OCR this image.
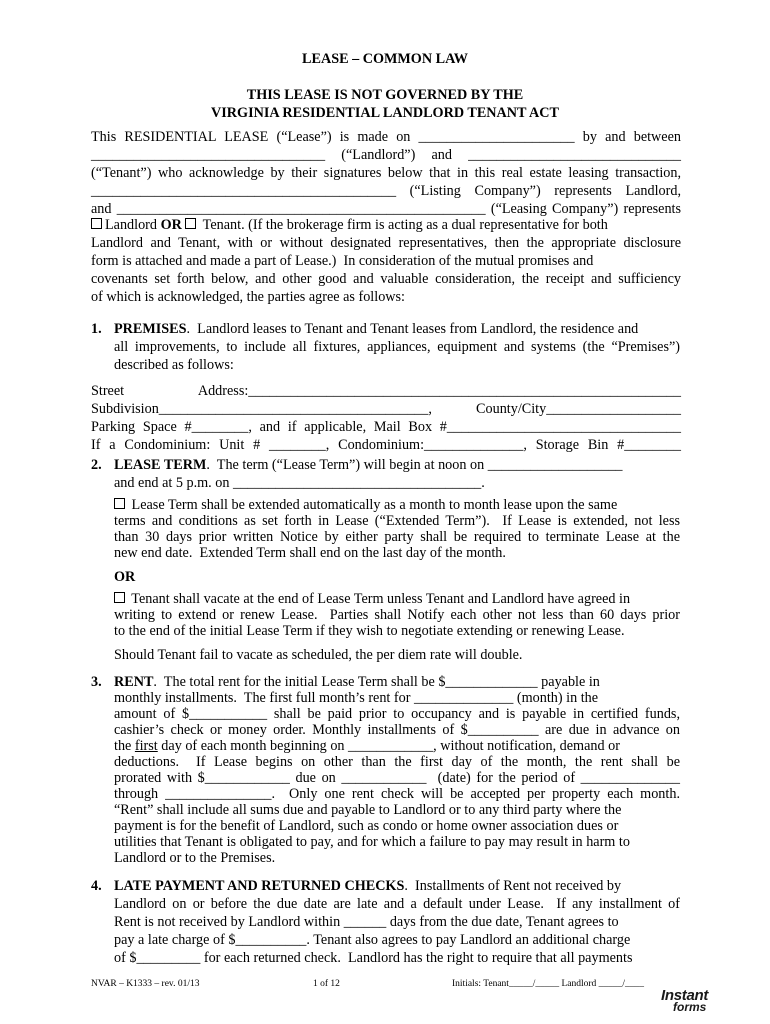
LEASE – COMMON LAW
THIS LEASE IS NOT GOVERNED BY THE
VIRGINIA RESIDENTIAL LANDLORD TENANT ACT
This RESIDENTIAL LEASE (“Lease”) is made on ______________________ by and between
_________________________________ (“Landlord”) and ______________________________
(“Tenant”) who acknowledge by their signatures below that in this real estate leasing transaction,
___________________________________________ (“Listing Company”) represents Landlord,
and ____________________________________________________ (“Leasing Company”) represents
Landlord OR  Tenant. (If the brokerage firm is acting as a dual representative for both
Landlord and Tenant, with or without designated representatives, then the appropriate disclosure
form is attached and made a part of Lease.)  In consideration of the mutual promises and
covenants set forth below, and other good and valuable consideration, the receipt and sufficiency
of which is acknowledged, the parties agree as follows:
1. PREMISES.  Landlord leases to Tenant and Tenant leases from Landlord, the residence and
all improvements, to include all fixtures, appliances, equipment and systems (the “Premises”)
described as follows:
Street Address:_____________________________________________________________
Subdivision______________________________________, County/City___________________
Parking Space #________, and if applicable, Mail Box #_________________________________
If a Condominium: Unit # ________, Condominium:______________, Storage Bin #________
2. LEASE TERM.  The term (“Lease Term”) will begin at noon on ___________________
and end at 5 p.m. on ___________________________________.
Lease Term shall be extended automatically as a month to month lease upon the same
terms and conditions as set forth in Lease (“Extended Term”).  If Lease is extended, not less
than 30 days prior written Notice by either party shall be required to terminate Lease at the
new end date.  Extended Term shall end on the last day of the month.
OR
Tenant shall vacate at the end of Lease Term unless Tenant and Landlord have agreed in
writing to extend or renew Lease.  Parties shall Notify each other not less than 60 days prior
to the end of the initial Lease Term if they wish to negotiate extending or renewing Lease.
Should Tenant fail to vacate as scheduled, the per diem rate will double.
3. RENT.  The total rent for the initial Lease Term shall be $_____________ payable in
monthly installments.  The first full month’s rent for ______________ (month) in the
amount of $___________ shall be paid prior to occupancy and is payable in certified funds,
cashier’s check or money order. Monthly installments of $__________ are due in advance on
the first day of each month beginning on ____________, without notification, demand or
deductions.  If Lease begins on other than the first day of the month, the rent shall be
prorated with $____________ due on ____________  (date) for the period of ______________
through _______________.  Only one rent check will be accepted per property each month.
“Rent” shall include all sums due and payable to Landlord or to any third party where the
payment is for the benefit of Landlord, such as condo or home owner association dues or
utilities that Tenant is obligated to pay, and for which a failure to pay may result in harm to
Landlord or to the Premises.
4. LATE PAYMENT AND RETURNED CHECKS.  Installments of Rent not received by
Landlord on or before the due date are late and a default under Lease.  If any installment of
Rent is not received by Landlord within ______ days from the due date, Tenant agrees to
pay a late charge of $__________. Tenant also agrees to pay Landlord an additional charge
of $_________ for each returned check.  Landlord has the right to require that all payments
NVAR – K1333 – rev. 01/13	1 of 12	Initials: Tenant_____/_____ Landlord _____/____
Instant
forms
